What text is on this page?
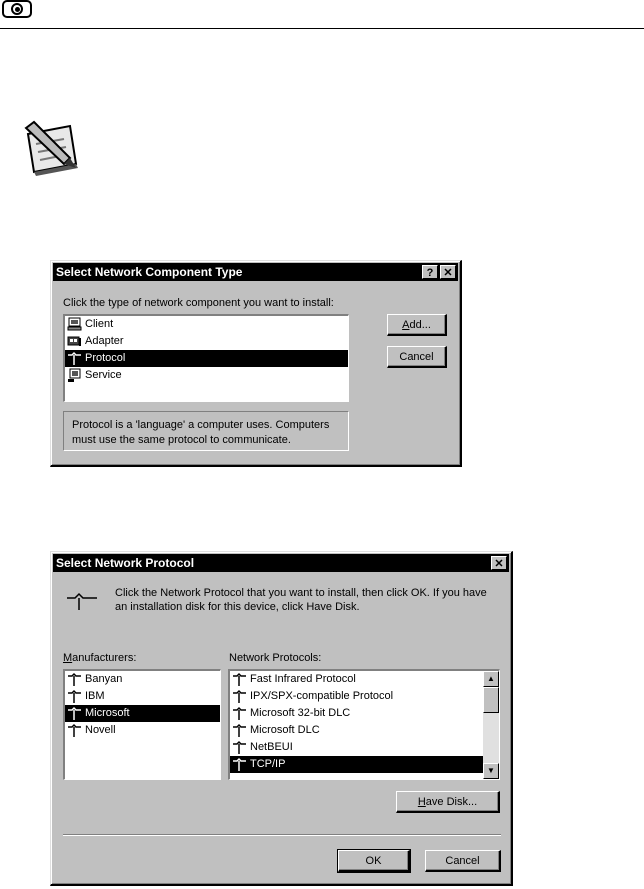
Select Network Component Type	? ✕
Click the type of network component you want to install:
Client
Adapter
Protocol
Service
Add...
Cancel
Protocol is a 'language' a computer uses. Computers must use the same protocol to communicate.
Select Network Protocol	✕
Click the Network Protocol that you want to install, then click OK. If you have an installation disk for this device, click Have Disk.
Manufacturers:
Banyan
IBM
Microsoft
Novell
Network Protocols:
Fast Infrared Protocol
IPX/SPX-compatible Protocol
Microsoft 32-bit DLC
Microsoft DLC
NetBEUI
TCP/IP
▲
▼
Have Disk...
OK	Cancel
